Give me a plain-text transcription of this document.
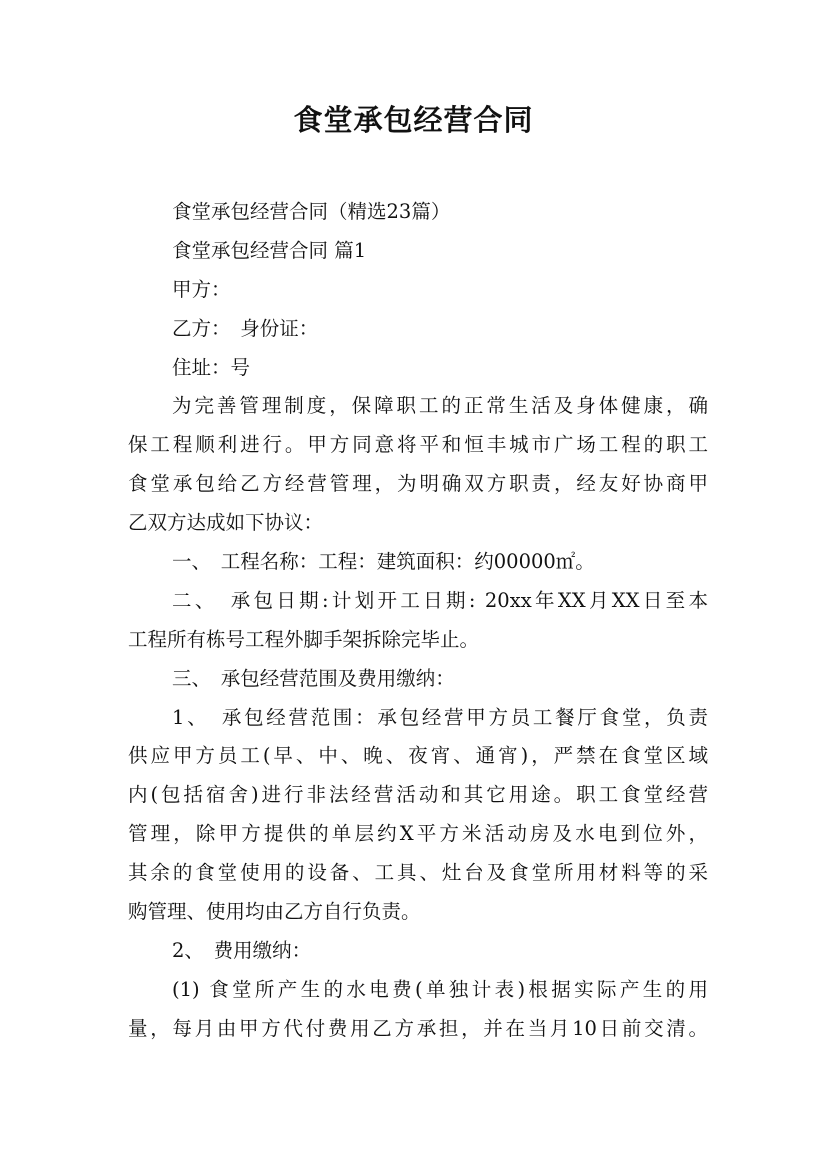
食堂承包经营合同
食堂承包经营合同（精选23篇）
食堂承包经营合同 篇1
甲方：
乙方：　身份证：
住址：号
为完善管理制度，保障职工的正常生活及身体健康，确
保工程顺利进行。甲方同意将平和恒丰城市广场工程的职工
食堂承包给乙方经营管理，为明确双方职责，经友好协商甲
乙双方达成如下协议：
一、　工程名称：工程：建筑面积：约00000㎡。
二、　承包日期:计划开工日期: 20xx年XX月XX日至本
工程所有栋号工程外脚手架拆除完毕止。
三、　承包经营范围及费用缴纳：
1、　承包经营范围：承包经营甲方员工餐厅食堂，负责
供应甲方员工(早、中、晚、夜宵、通宵)，严禁在食堂区域
内(包括宿舍)进行非法经营活动和其它用途。职工食堂经营
管理，除甲方提供的单层约X平方米活动房及水电到位外，
其余的食堂使用的设备、工具、灶台及食堂所用材料等的采
购管理、使用均由乙方自行负责。
2、　费用缴纳：
(1) 食堂所产生的水电费(单独计表)根据实际产生的用
量，每月由甲方代付费用乙方承担，并在当月10日前交清。
